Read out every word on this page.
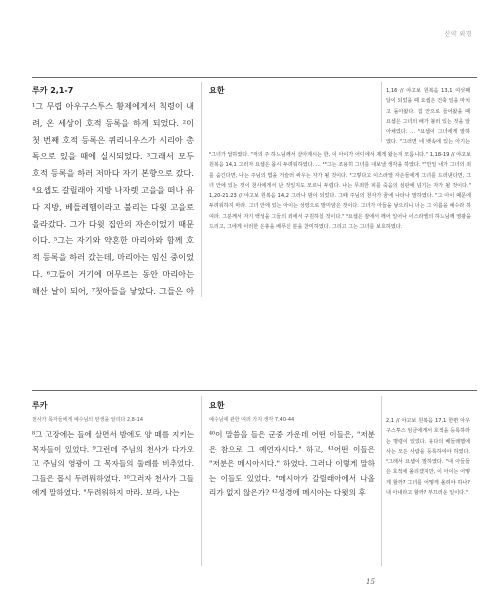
신약 외경
루카 2,1-7
¹그 무렵 아우구스투스 황제에게서 칙령이 내려, 온 세상이 호적 등록을 하게 되었다. ²이 첫 번째 호적 등록은 퀴리니우스가 시리아 총독으로 있을 때에 실시되었다. ³그래서 모두 호적 등록을 하러 저마다 자기 본향으로 갔다. ⁴요셉도 갈릴래아 지방 나자렛 고을을 떠나 유다 지방, 베들레헴이라고 불리는 다윗 고을로 올라갔다. 그가 다윗 집안의 자손이었기 때문이다. ⁵그는 자기와 약혼한 마리아와 함께 호적 등록을 하러 갔는데, 마리아는 임신 중이었다. ⁶그들이 거기에 머무르는 동안 마리아는 해산 날이 되어, ⁷첫아들을 낳았다. 그들은 아
요한	1,16 // 야고보 원복음 13,1 여섯째 달이 되었을 때 요셉은 건축 일을 마치고 돌아왔다. 집 안으로 들어왔을 때 요셉은 그녀의 배가 불러 있는 것을 알아채었다. … ⁵요셉이 그녀에게 말하였다. "그러면 네 뱃속에 있는 아기는
⁶그녀가 답하였다. "저의 주 하느님께서 살아계시는 한, 이 아이가 어디에서 제게 왔는지 모릅니다." 1,18-19 // 야고보 원복음 14,1 그러자 요셉은 몹시 두려워하였다. … ¹⁸그는 조용히 그녀를 내보낼 생각을 하였다. ²"만일 내가 그녀의 죄를 숨긴다면, 나는 주님의 법을 거슬러 싸우는 자가 될 것이다. ³그렇다고 이스라엘 자손들에게 그녀를 드러낸다면, 그녀 안에 있는 것이 천사에게서 난 것일지도 모르니 두렵다. 나는 무죄한 피를 죽음의 심판에 넘기는 자가 될 것이다." 1,20-21.23 // 야고보 원복음 14,2 그러나 밤이 되었다. 그때 주님의 천사가 꿈에 나타나 말하였다. "그 아이 때문에 두려워하지 마라. 그녀 안에 있는 아이는 성령으로 말미암은 것이다. 그녀가 아들을 낳으리니 너는 그 이름을 예수라 하여라. 그분께서 자기 백성을 그들의 죄에서 구원하실 것이다." ³요셉은 잠에서 깨어 일어나 이스라엘의 하느님께 영광을 드리고, 그에게 이러한 은총을 베푸신 분을 찬미하였다. 그리고 그는 그녀를 보호하였다.
루카
천사가 목자들에게 예수님의 탄생을 알리다 2,8-14
⁸그 고장에는 들에 살면서 밤에도 양 떼를 지키는 목자들이 있었다. ⁹그런데 주님의 천사가 다가오고 주님의 영광이 그 목자들의 둘레를 비추었다. 그들은 몹시 두려워하였다. ¹⁰그러자 천사가 그들에게 말하였다. "두려워하지 마라. 보라, 나는
요한
예수님에 관한 여러 가지 생각 7,40-44
⁴⁰이 말씀을 들은 군중 가운데 어떤 이들은, "저분은 참으로 그 예언자시다." 하고, ⁴¹어떤 이들은 "저분은 메시아시다." 하였다. 그러나 이렇게 말하는 이들도 있었다. "메시아가 갈릴래아에서 나올 리가 없지 않은가? ⁴²성경에 메시아는 다윗의 후
2,1 // 야고보 원복음 17,1 한편 아우구스투스 임금에게서 호적을 등록하라는 명령이 있었다. 유다의 베들레헴에 사는 모든 사람을 등록하여야 하였다. ²그래서 요셉이 말하였다. "내 아들들은 호적에 올리겠지만, 이 아이는 어떻게 할까? 그녀를 어떻게 올려야 하나? 내 아내라고 할까? 부끄러운 일이다."
15
